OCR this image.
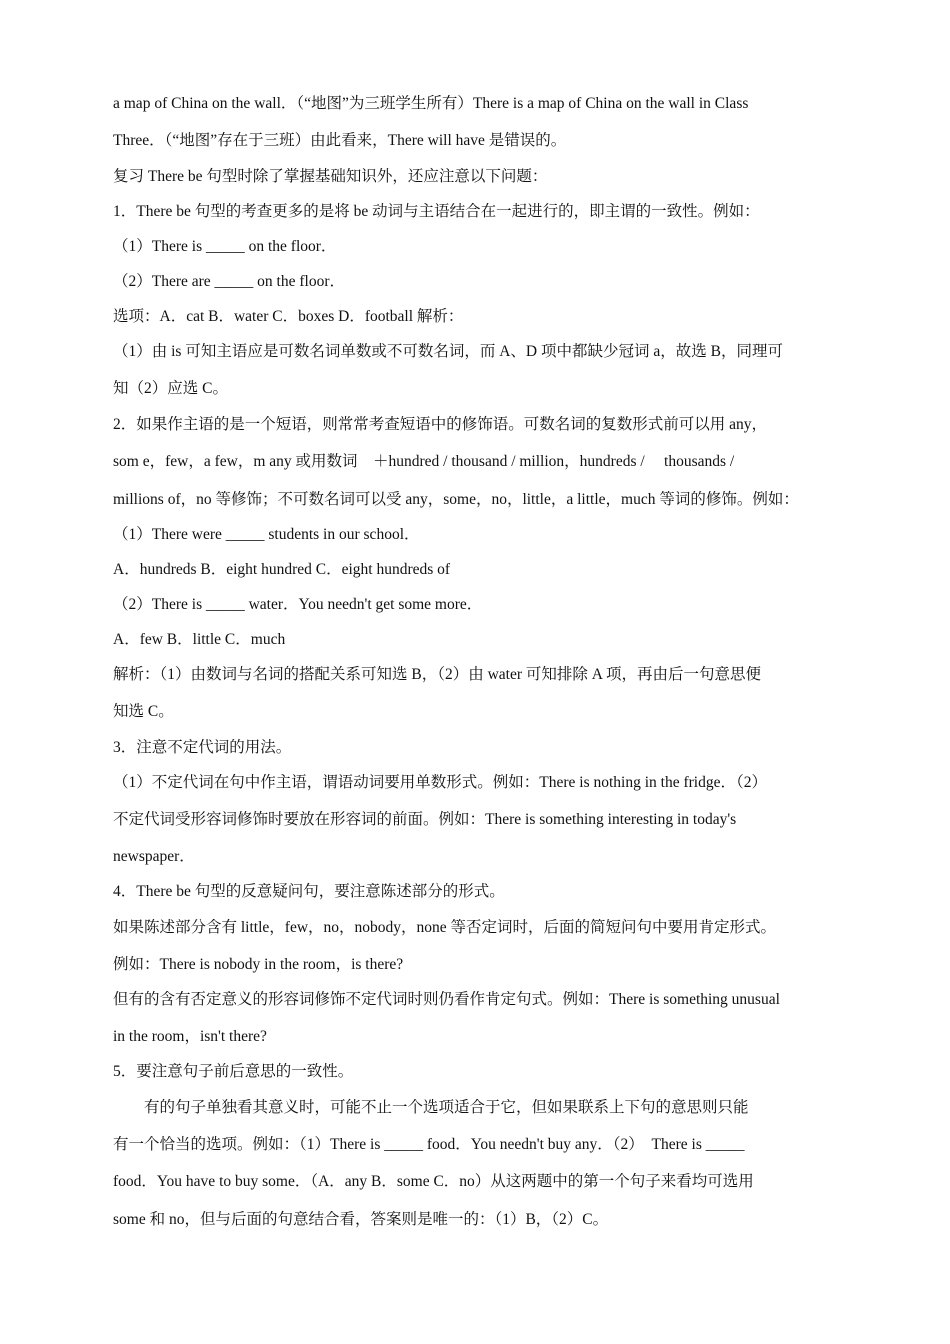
a map of China on the wall．（“地图”为三班学生所有）There is a map of China on the wall in Class
Three．（“地图”存在于三班）由此看来，There will have 是错误的。
复习 There be 句型时除了掌握基础知识外，还应注意以下问题：
1．There be 句型的考查更多的是将 be 动词与主语结合在一起进行的，即主谓的一致性。例如：
（1）There is _____ on the floor．
（2）There are _____ on the floor．
选项：A．cat B．water C．boxes D．football 解析：
（1）由 is 可知主语应是可数名词单数或不可数名词，而 A、D 项中都缺少冠词 a，故选 B，同理可
知（2）应选 C。
2．如果作主语的是一个短语，则常常考查短语中的修饰语。可数名词的复数形式前可以用 any，
som e，few，a few，m any 或用数词　＋hundred / thousand / million，hundreds /　 thousands /
millions of，no 等修饰；不可数名词可以受 any，some，no，little，a little，much 等词的修饰。例如：
（1）There were _____ students in our school．
A．hundreds B．eight hundred C．eight hundreds of
（2）There is _____ water．You needn't get some more．
A．few B．little C．much
解析：（1）由数词与名词的搭配关系可知选 B，（2）由 water 可知排除 A 项，再由后一句意思便
知选 C。
3．注意不定代词的用法。
（1）不定代词在句中作主语，谓语动词要用单数形式。例如：There is nothing in the fridge．（2）
不定代词受形容词修饰时要放在形容词的前面。例如：There is something interesting in today's
newspaper．
4．There be 句型的反意疑问句，要注意陈述部分的形式。
如果陈述部分含有 little，few，no，nobody，none 等否定词时，后面的简短问句中要用肯定形式。
例如：There is nobody in the room，is there?
但有的含有否定意义的形容词修饰不定代词时则仍看作肯定句式。例如：There is something unusual
in the room，isn't there?
5．要注意句子前后意思的一致性。
　　有的句子单独看其意义时，可能不止一个选项适合于它，但如果联系上下句的意思则只能
有一个恰当的选项。例如：（1）There is _____ food．You needn't buy any．（2）　There is _____
food．You have to buy some．（A．any B．some C．no）从这两题中的第一个句子来看均可选用
some 和 no，但与后面的句意结合看，答案则是唯一的：（1）B，（2）C。
